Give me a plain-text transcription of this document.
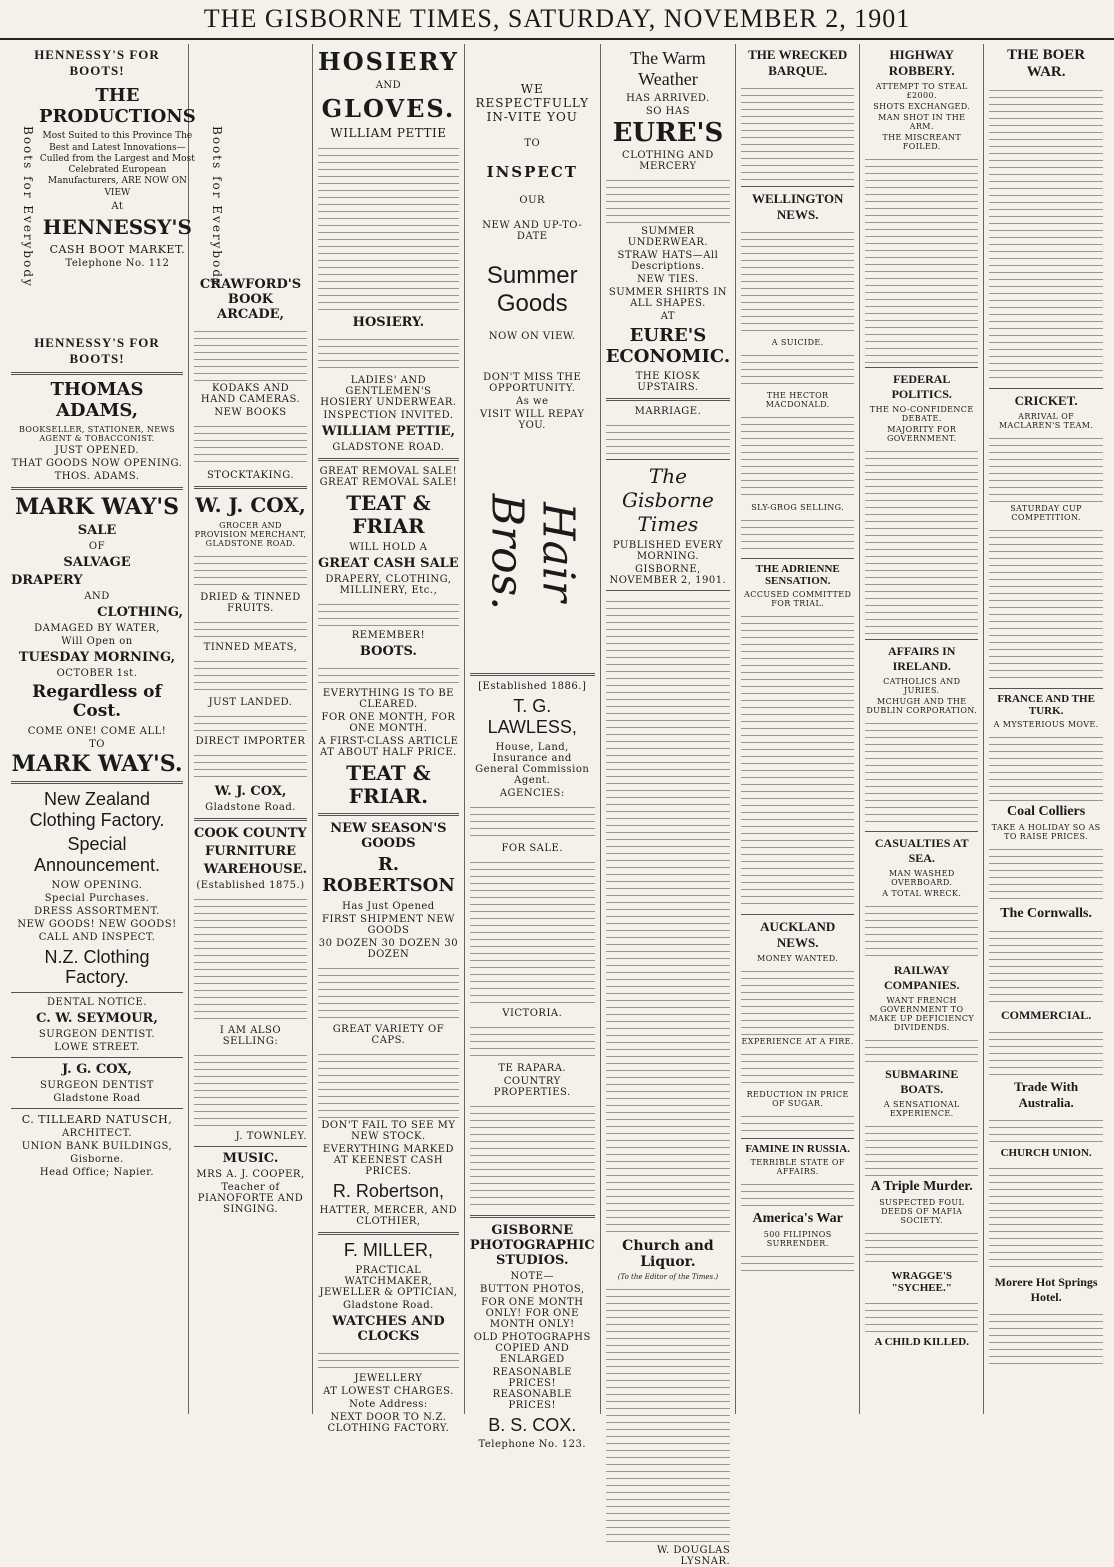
THE GISBORNE TIMES, SATURDAY, NOVEMBER 2, 1901
HENNESSY'S FOR BOOTS!
Boots for Everybody
THE PRODUCTIONS
Most Suited to this Province The Best and Latest Innovations—Culled from the Largest and Most Celebrated European Manufacturers, ARE NOW ON VIEW
At
HENNESSY'S
CASH BOOT MARKET.
Telephone No. 112	Boots for Everybody
HENNESSY'S FOR BOOTS!
THOMAS ADAMS,
BOOKSELLER, STATIONER, NEWS AGENT & TOBACCONIST.
JUST OPENED.
THAT GOODS NOW OPENING.
THOS. ADAMS.
MARK WAY'S
SALE
OF
SALVAGE
DRAPERY
AND
CLOTHING,
DAMAGED BY WATER,
Will Open on
TUESDAY MORNING,
OCTOBER 1st.
Regardless of Cost.
COME ONE! COME ALL!
TO
MARK WAY'S.
New Zealand Clothing Factory.
Special Announcement.
NOW OPENING.
Special Purchases.
DRESS ASSORTMENT.
NEW GOODS! NEW GOODS!
CALL AND INSPECT.
N.Z. Clothing Factory.
DENTAL NOTICE.
C. W. SEYMOUR,
SURGEON DENTIST.
LOWE STREET.
J. G. COX,
SURGEON DENTIST
Gladstone Road
C. TILLEARD NATUSCH,
ARCHITECT.
UNION BANK BUILDINGS,
Gisborne.
Head Office; Napier.
CRAWFORD'S BOOK ARCADE,
KODAKS AND HAND CAMERAS.
NEW BOOKS
STOCKTAKING.
W. J. COX,
GROCER AND PROVISION MERCHANT, GLADSTONE ROAD.
DRIED & TINNED FRUITS.
TINNED MEATS,
JUST LANDED.
DIRECT IMPORTER
W. J. COX,
Gladstone Road.
COOK COUNTY
FURNITURE
WAREHOUSE.
(Established 1875.)
I AM ALSO SELLING:
J. TOWNLEY.
MUSIC.
MRS A. J. COOPER,
Teacher of PIANOFORTE AND SINGING.
HOSIERY
AND
GLOVES.
WILLIAM PETTIE
HOSIERY.
LADIES' AND GENTLEMEN'S HOSIERY UNDERWEAR.
INSPECTION INVITED.
WILLIAM PETTIE,
GLADSTONE ROAD.
GREAT REMOVAL SALE! GREAT REMOVAL SALE!
TEAT & FRIAR
WILL HOLD A
GREAT CASH SALE
DRAPERY, CLOTHING, MILLINERY, Etc.,
REMEMBER!
BOOTS.
EVERYTHING IS TO BE CLEARED.
FOR ONE MONTH, FOR ONE MONTH.
A FIRST-CLASS ARTICLE AT ABOUT HALF PRICE.
TEAT & FRIAR.
NEW SEASON'S GOODS
R. ROBERTSON
Has Just Opened
FIRST SHIPMENT NEW GOODS
30 DOZEN 30 DOZEN 30 DOZEN
GREAT VARIETY OF CAPS.
DON'T FAIL TO SEE MY NEW STOCK.
EVERYTHING MARKED AT KEENEST CASH PRICES.
R. Robertson,
HATTER, MERCER, AND CLOTHIER,
F. MILLER,
PRACTICAL WATCHMAKER, JEWELLER & OPTICIAN,
Gladstone Road.
WATCHES AND CLOCKS
JEWELLERY
AT LOWEST CHARGES.
Note Address:
NEXT DOOR TO N.Z. CLOTHING FACTORY.
WE RESPECTFULLY IN-VITE YOU
TO
INSPECT
OUR
NEW AND UP-TO-DATE
Summer Goods
NOW ON VIEW.
DON'T MISS THE OPPORTUNITY.
As we
VISIT WILL REPAY YOU.
Hair Bros.
[Established 1886.]
T. G. LAWLESS,
House, Land, Insurance and General Commission Agent.
AGENCIES:
FOR SALE.
VICTORIA.
TE RAPARA.
COUNTRY PROPERTIES.
GISBORNE PHOTOGRAPHIC STUDIOS.
NOTE—
BUTTON PHOTOS,
FOR ONE MONTH ONLY! FOR ONE MONTH ONLY!
OLD PHOTOGRAPHS COPIED AND ENLARGED
REASONABLE PRICES! REASONABLE PRICES!
B. S. COX.
Telephone No. 123.
The Warm Weather
HAS ARRIVED.
SO HAS
EURE'S
CLOTHING AND MERCERY
SUMMER UNDERWEAR.
STRAW HATS—All Descriptions.
NEW TIES.
SUMMER SHIRTS IN ALL SHAPES.
AT
EURE'S ECONOMIC.
THE KIOSK UPSTAIRS.
MARRIAGE.
The Gisborne Times
PUBLISHED EVERY MORNING.
GISBORNE, NOVEMBER 2, 1901.
Church and Liquor.
(To the Editor of the Times.)
W. DOUGLAS LYSNAR.
THE WRECKED BARQUE.
WELLINGTON NEWS.
A SUICIDE.
THE HECTOR MACDONALD.
SLY-GROG SELLING.
THE ADRIENNE SENSATION.
ACCUSED COMMITTED FOR TRIAL.
AUCKLAND NEWS.
MONEY WANTED.
EXPERIENCE AT A FIRE.
REDUCTION IN PRICE OF SUGAR.
FAMINE IN RUSSIA.
TERRIBLE STATE OF AFFAIRS.
America's War
500 FILIPINOS SURRENDER.
HIGHWAY ROBBERY.
ATTEMPT TO STEAL £2000.
SHOTS EXCHANGED.
MAN SHOT IN THE ARM.
THE MISCREANT FOILED.
FEDERAL POLITICS.
THE NO-CONFIDENCE DEBATE.
MAJORITY FOR GOVERNMENT.
AFFAIRS IN IRELAND.
CATHOLICS AND JURIES.
MCHUGH AND THE DUBLIN CORPORATION.
CASUALTIES AT SEA.
MAN WASHED OVERBOARD.
A TOTAL WRECK.
RAILWAY COMPANIES.
WANT FRENCH GOVERNMENT TO MAKE UP DEFICIENCY DIVIDENDS.
SUBMARINE BOATS.
A SENSATIONAL EXPERIENCE.
A Triple Murder.
SUSPECTED FOUL DEEDS OF MAFIA SOCIETY.
WRAGGE'S "SYCHEE."
A CHILD KILLED.
THE BOER WAR.
CRICKET.
ARRIVAL OF MACLAREN'S TEAM.
SATURDAY CUP COMPETITION.
FRANCE AND THE TURK.
A MYSTERIOUS MOVE.
Coal Colliers
TAKE A HOLIDAY SO AS TO RAISE PRICES.
The Cornwalls.
COMMERCIAL.
Trade With Australia.
CHURCH UNION.
Morere Hot Springs Hotel.
